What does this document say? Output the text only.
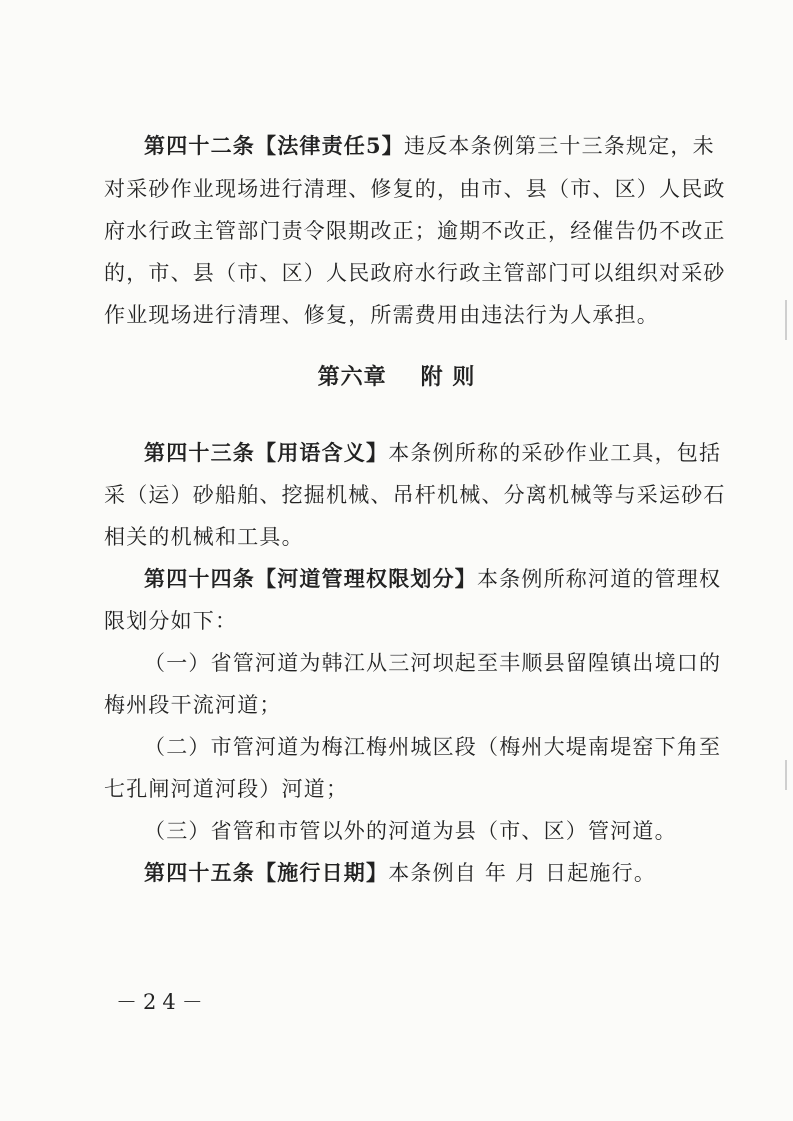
第四十二条【法律责任5】违反本条例第三十三条规定，未
对采砂作业现场进行清理、修复的，由市、县（市、区）人民政
府水行政主管部门责令限期改正；逾期不改正，经催告仍不改正
的，市、县（市、区）人民政府水行政主管部门可以组织对采砂
作业现场进行清理、修复，所需费用由违法行为人承担。
第六章 附 则
第四十三条【用语含义】本条例所称的采砂作业工具，包括
采（运）砂船舶、挖掘机械、吊杆机械、分离机械等与采运砂石
相关的机械和工具。
第四十四条【河道管理权限划分】本条例所称河道的管理权
限划分如下：
（一）省管河道为韩江从三河坝起至丰顺县留隍镇出境口的
梅州段干流河道；
（二）市管河道为梅江梅州城区段（梅州大堤南堤窑下角至
七孔闸河道河段）河道；
（三）省管和市管以外的河道为县（市、区）管河道。
第四十五条【施行日期】本条例自 年 月 日起施行。
－24－
